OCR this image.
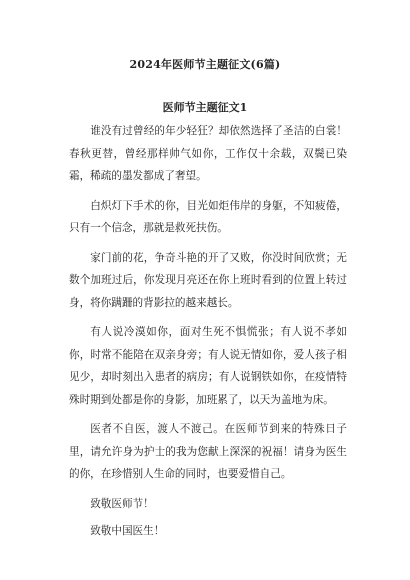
2024年医师节主题征文(6篇)
医师节主题征文1

谁没有过曾经的年少轻狂？却依然选择了圣洁的白裳！春秋更替，曾经那样帅气如你，工作仅十余载，双鬓已染霜，稀疏的墨发都成了奢望。

白炽灯下手术的你，目光如炬伟岸的身躯，不知疲倦，只有一个信念，那就是救死扶伤。

家门前的花，争奇斗艳的开了又败，你没时间欣赏；无数个加班过后，你发现月亮还在你上班时看到的位置上转过身，将你蹒跚的背影拉的越来越长。

有人说冷漠如你，面对生死不惧慌张；有人说不孝如你，时常不能陪在双亲身旁；有人说无情如你，爱人孩子相见少，却时刻出入患者的病房；有人说钢铁如你，在疫情特殊时期到处都是你的身影，加班累了，以天为盖地为床。

医者不自医，渡人不渡己。在医师节到来的特殊日子里，请允许身为护士的我为您献上深深的祝福！请身为医生的你，在珍惜别人生命的同时，也要爱惜自己。

致敬医师节！

致敬中国医生！
